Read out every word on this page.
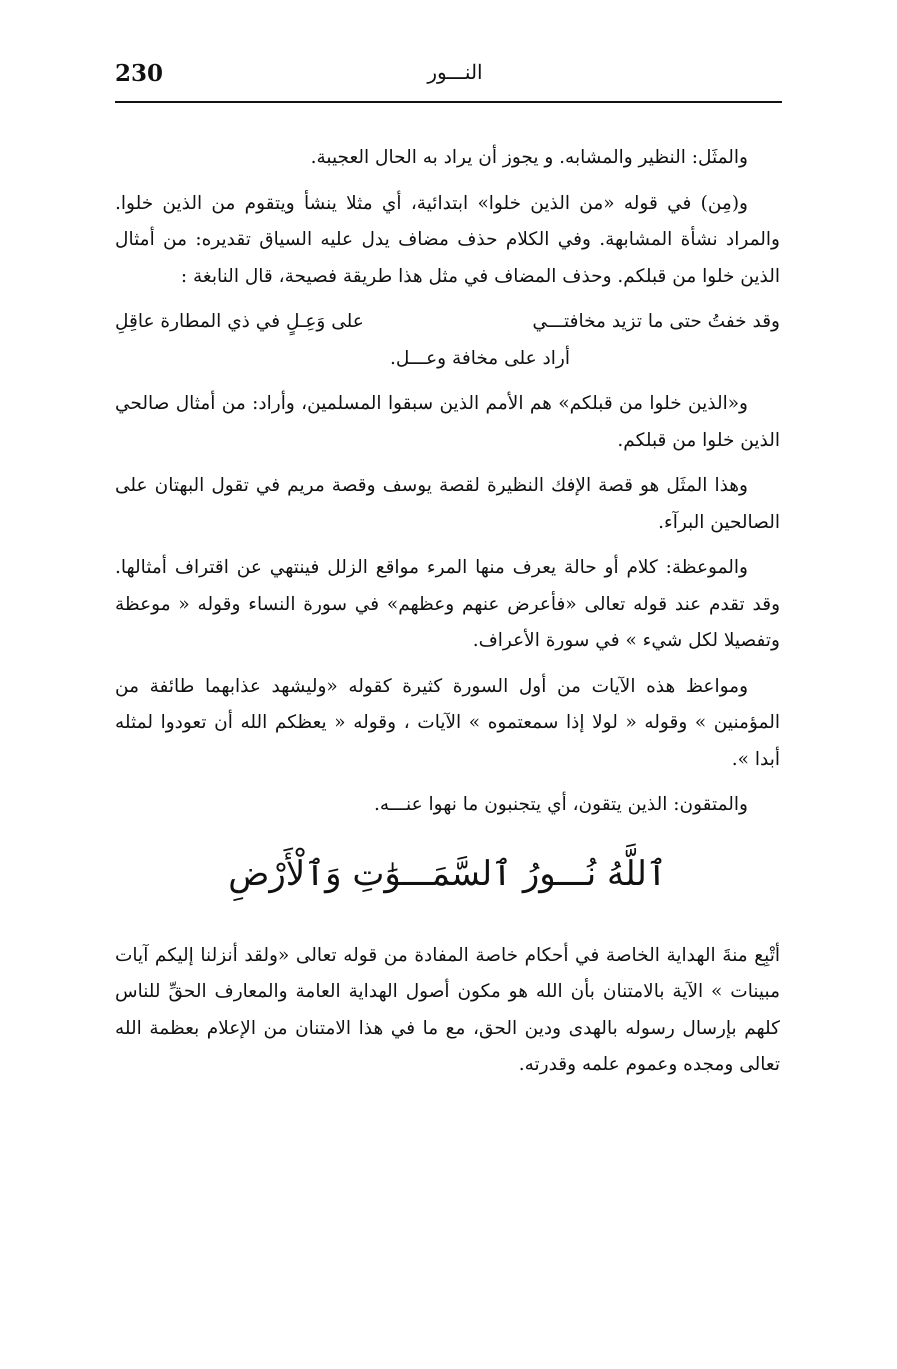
230	النـــور

والمثَل: النظير والمشابه. و يجوز أن يراد به الحال العجيبة.

و(مِن) في قوله «من الذين خلوا» ابتدائية، أي مثلا ينشأ ويتقوم من الذين خلوا. والمراد نشأة المشابهة. وفي الكلام حذف مضاف يدل عليه السياق تقديره: من أمثال الذين خلوا من قبلكم. وحذف المضاف في مثل هذا طريقة فصيحة، قال النابغة :

وقد خفتُ حتى ما تزيد مخافتـــي
على وَعِـلٍ في ذي المطارة عاقِلِ

أراد على مخافة وعـــل.

و«الذين خلوا من قبلكم» هم الأمم الذين سبقوا المسلمين، وأراد: من أمثال صالحي الذين خلوا من قبلكم.

وهذا المثَل هو قصة الإفك النظيرة لقصة يوسف وقصة مريم في تقول البهتان على الصالحين البرآء.

والموعظة: كلام أو حالة يعرف منها المرء مواقع الزلل فينتهي عن اقتراف أمثالها. وقد تقدم عند قوله تعالى «فأعرض عنهم وعظهم» في سورة النساء وقوله « موعظة وتفصيلا لكل شيء » في سورة الأعراف.

ومواعظ هذه الآيات من أول السورة كثيرة كقوله «وليشهد عذابهما طائفة من المؤمنين » وقوله « لولا إذا سمعتموه » الآيات ، وقوله « يعظكم الله أن تعودوا لمثله أبدا ».

والمتقون: الذين يتقون، أي يتجنبون ما نهوا عنـــه.

ٱللَّهُ نُـــورُ ٱلسَّمَـــوَٰتِ وَٱلْأَرْضِ

أتْبِع منةَ الهداية الخاصة في أحكام خاصة المفادة من قوله تعالى «ولقد أنزلنا إليكم آيات مبينات » الآية بالامتنان بأن الله هو مكون أصول الهداية العامة والمعارف الحقِّ للناس كلهم بإرسال رسوله بالهدى ودين الحق، مع ما في هذا الامتنان من الإعلام بعظمة الله تعالى ومجده وعموم علمه وقدرته.
